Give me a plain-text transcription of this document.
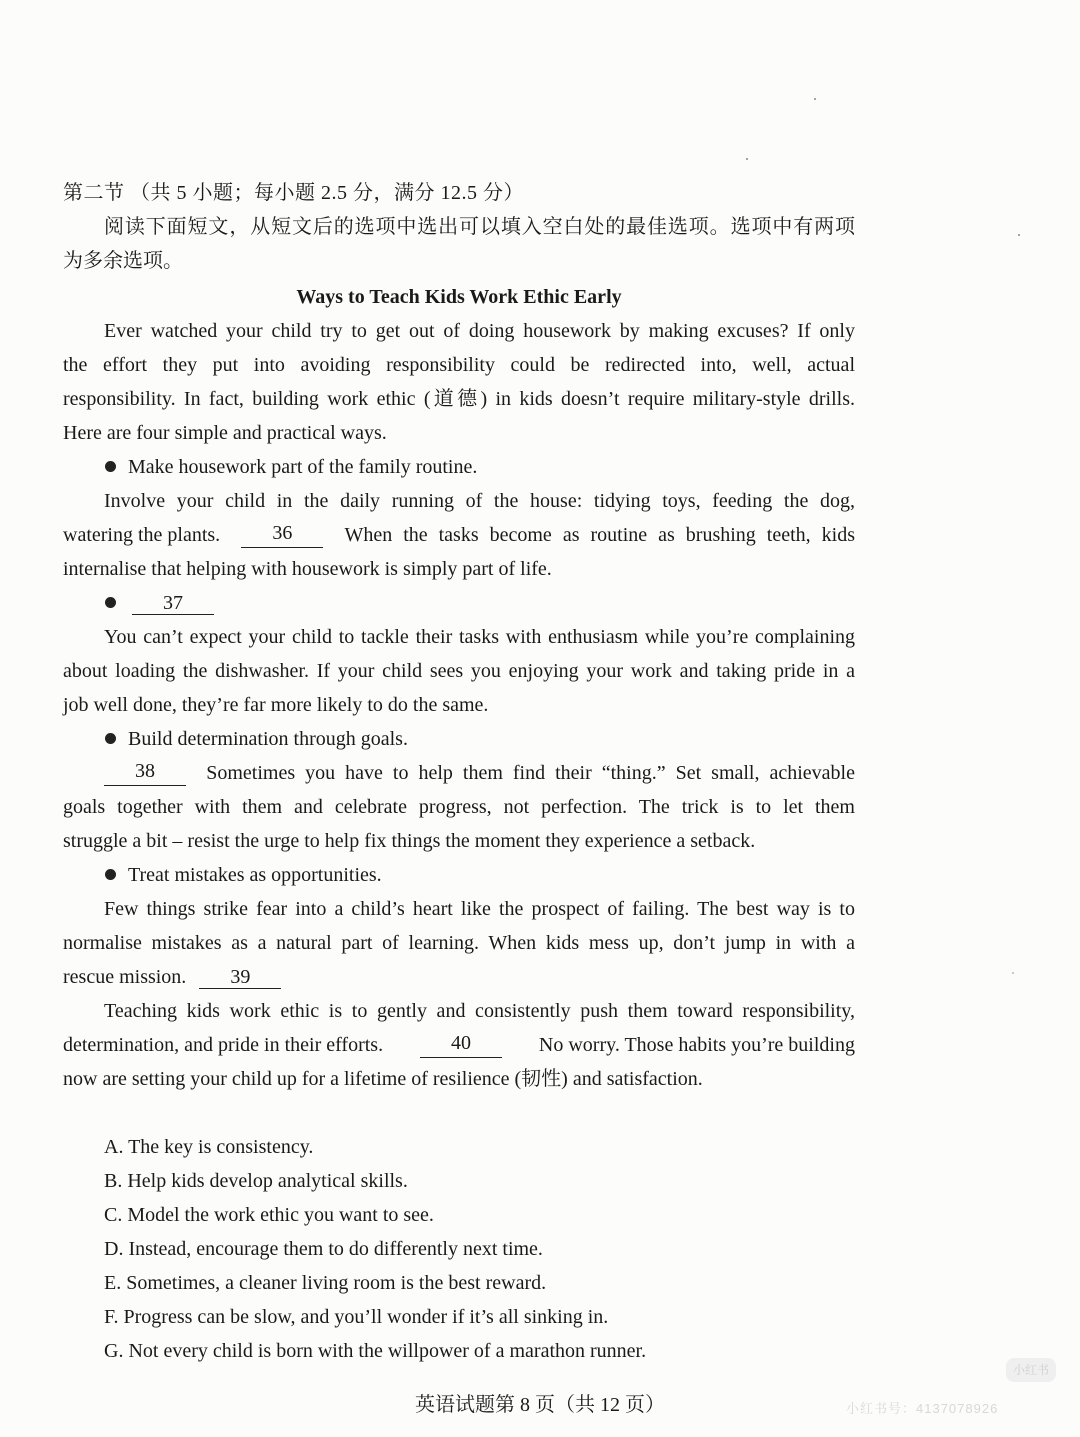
第二节 （共 5 小题；每小题 2.5 分，满分 12.5 分）
阅读下面短文，从短文后的选项中选出可以填入空白处的最佳选项。选项中有两项
为多余选项。
Ways to Teach Kids Work Ethic Early
Ever watched your child try to get out of doing housework by making excuses? If only
the effort they put into avoiding responsibility could be redirected into, well, actual
responsibility. In fact, building work ethic (道德) in kids doesn’t require military-style drills.
Here are four simple and practical ways.
Make housework part of the family routine.
Involve your child in the daily running of the house: tidying toys, feeding the dog,
watering the plants.	36	When the tasks become as routine as brushing teeth, kids
internalise that helping with housework is simply part of life.
37
You can’t expect your child to tackle their tasks with enthusiasm while you’re complaining
about loading the dishwasher. If your child sees you enjoying your work and taking pride in a
job well done, they’re far more likely to do the same.
Build determination through goals.
38	Sometimes you have to help them find their “thing.” Set small, achievable
goals together with them and celebrate progress, not perfection. The trick is to let them
struggle a bit – resist the urge to help fix things the moment they experience a setback.
Treat mistakes as opportunities.
Few things strike fear into a child’s heart like the prospect of failing. The best way is to
normalise mistakes as a natural part of learning. When kids mess up, don’t jump in with a
rescue mission. 39
Teaching kids work ethic is to gently and consistently push them toward responsibility,
determination, and pride in their efforts.	40	No worry. Those habits you’re building
now are setting your child up for a lifetime of resilience (韧性) and satisfaction.
A. The key is consistency.
B. Help kids develop analytical skills.
C. Model the work ethic you want to see.
D. Instead, encourage them to do differently next time.
E. Sometimes, a cleaner living room is the best reward.
F. Progress can be slow, and you’ll wonder if it’s all sinking in.
G. Not every child is born with the willpower of a marathon runner.
英语试题第 8 页（共 12 页）
小红书
小红书号：4137078926
